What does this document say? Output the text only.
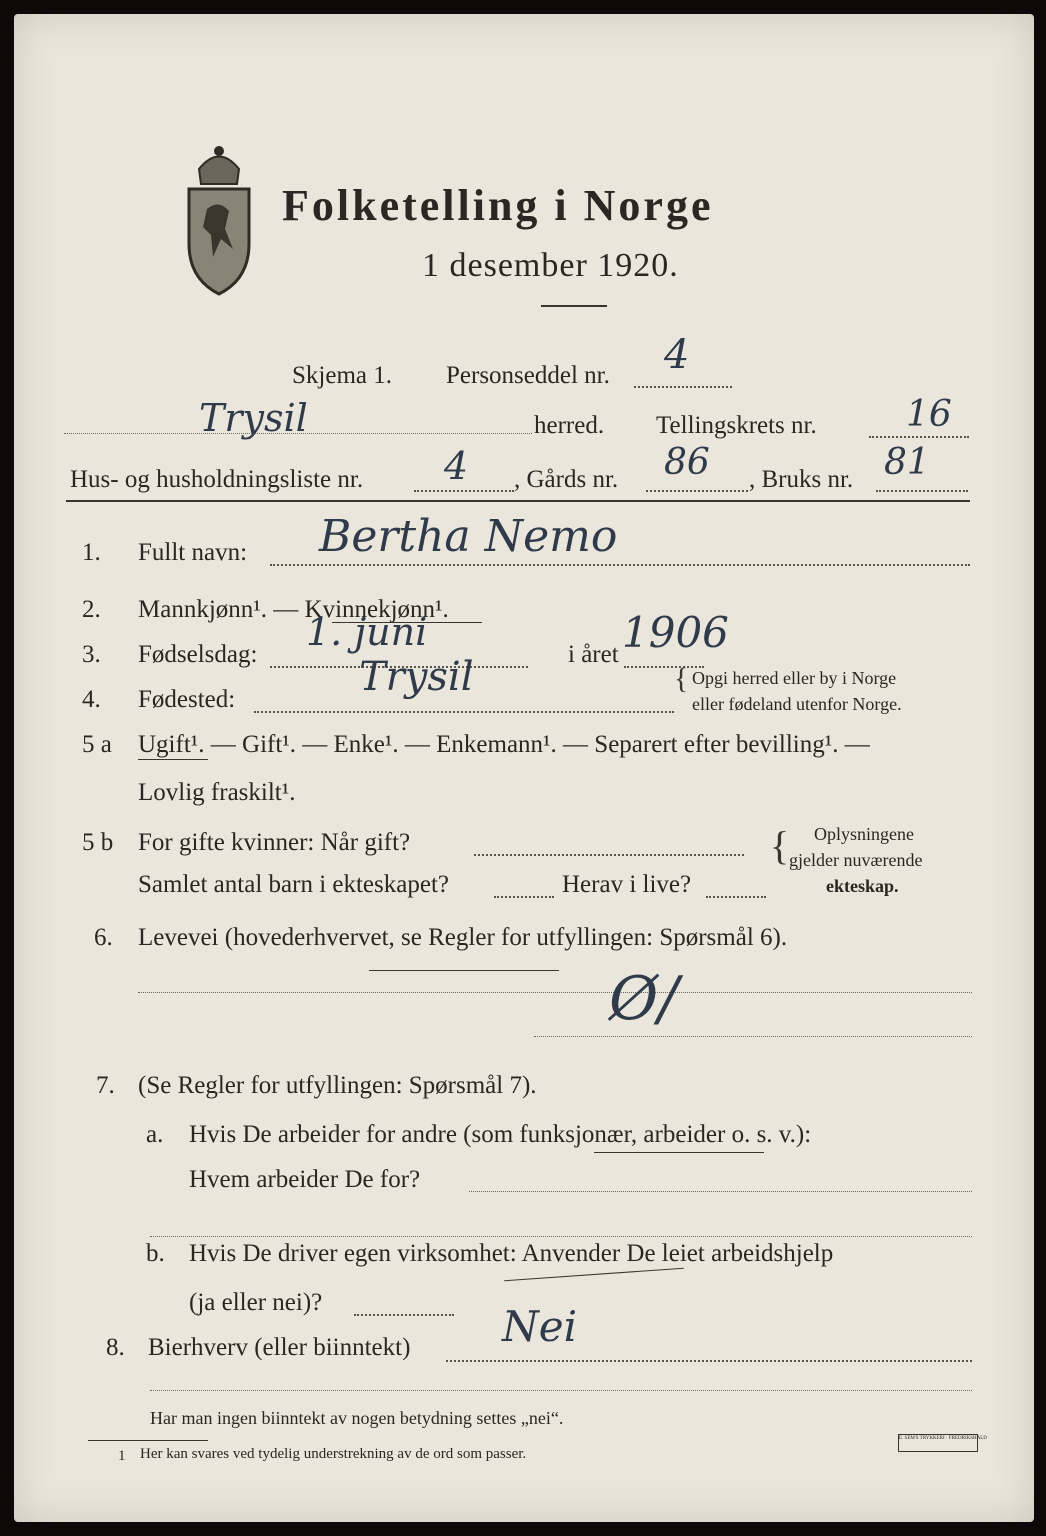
Folketelling i Norge
1 desember 1920.
Skjema 1. Personseddel nr. 4
Trysil	herred. Tellingskrets nr. 16
Hus- og husholdningsliste nr. 4 , Gårds nr. 86 , Bruks nr. 81
1. Fullt navn: Bertha Nemo
2. Mannkjønn¹. — Kvinnekjønn¹.
3. Fødselsdag:
1. juni
i året 1906
4. Fødested:	Trysil	{ Opgi herred eller by i Norge
eller fødeland utenfor Norge.
5 a Ugift¹. — Gift¹. — Enke¹. — Enkemann¹. — Separert efter bevilling¹. —
Lovlig fraskilt¹.
5 b For gifte kvinner: Når gift?
Samlet antal barn i ekteskapet?	Herav i live?
{ Oplysningene
gjelder nuværende
ekteskap.
6. Levevei (hovederhvervet, se Regler for utfyllingen: Spørsmål 6).
Ø/
7. (Se Regler for utfyllingen: Spørsmål 7).
a. Hvis De arbeider for andre (som funksjonær, arbeider o. s. v.):
Hvem arbeider De for?
b. Hvis De driver egen virksomhet: Anvender De leiet arbeidshjelp
(ja eller nei)?
8. Bierhverv (eller biinntekt) Nei
Har man ingen biinntekt av nogen betydning settes „nei“.
1 Her kan svares ved tydelig understrekning av de ord som passer.
E. SEM'S TRYKKERI · FREDRIKSHALD
